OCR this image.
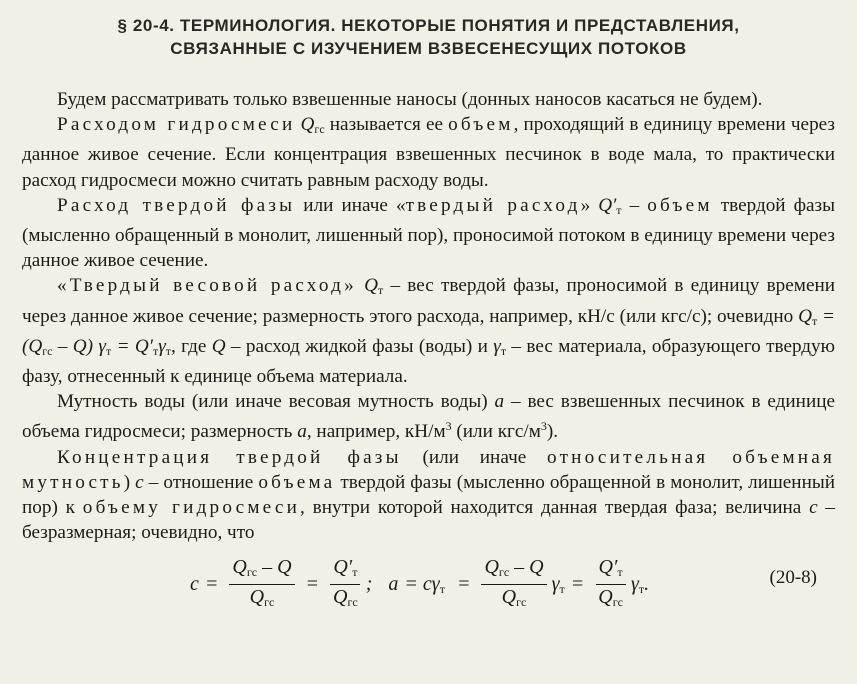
§ 20-4. ТЕРМИНОЛОГИЯ. НЕКОТОРЫЕ ПОНЯТИЯ И ПРЕДСТАВЛЕНИЯ,
СВЯЗАННЫЕ С ИЗУЧЕНИЕМ ВЗВЕСЕНЕСУЩИХ ПОТОКОВ

Будем рассматривать только взвешенные наносы (донных наносов касаться не будем).

Расходом гидросмеси $Q_{гс}$ называется ее объем, проходящий в единицу времени через данное живое сечение. Если концентрация взвешенных песчинок в воде мала, то практически расход гидросмеси можно считать равным расходу воды.

Расход твердой фазы или иначе «твердый расход» $Q'_т$ – объем твердой фазы (мысленно обращенный в монолит, лишенный пор), проносимой потоком в единицу времени через данное живое сечение.

«Твердый весовой расход» $Q_т$ – вес твердой фазы, проносимой в единицу времени через данное живое сечение; размерность этого расхода, например, кН/с (или кгс/с); очевидно $Q_т = (Q_{гс} - Q) \gamma_т = Q'_т\gamma_т$, где Q – расход жидкой фазы (воды) и $\gamma_т$ – вес материала, образующего твердую фазу, отнесенный к единице объема материала.

Мутность воды (или иначе весовая мутность воды) a – вес взвешенных песчинок в единице объема гидросмеси; размерность a, например, $кН/м^3$ (или кгс/$м^3$).

Концентрация твердой фазы (или иначе относительная объемная мутность) c – отношение объема твердой фазы (мысленно обращенной в монолит, лишенный пор) к объему гидросмеси, внутри которой находится данная твердая фаза; величина c – безразмерная; очевидно, что

$c = \frac{Q_{гс} - Q}{Q_{гс}} = \frac{Q'_т}{Q_{гс}}$ ; $a = c\gamma_т = \frac{Q_{гс} - Q}{Q_{гс}} \gamma_т = \frac{Q'_т}{Q_{гс}} \gamma_т$ .	(20-8)
